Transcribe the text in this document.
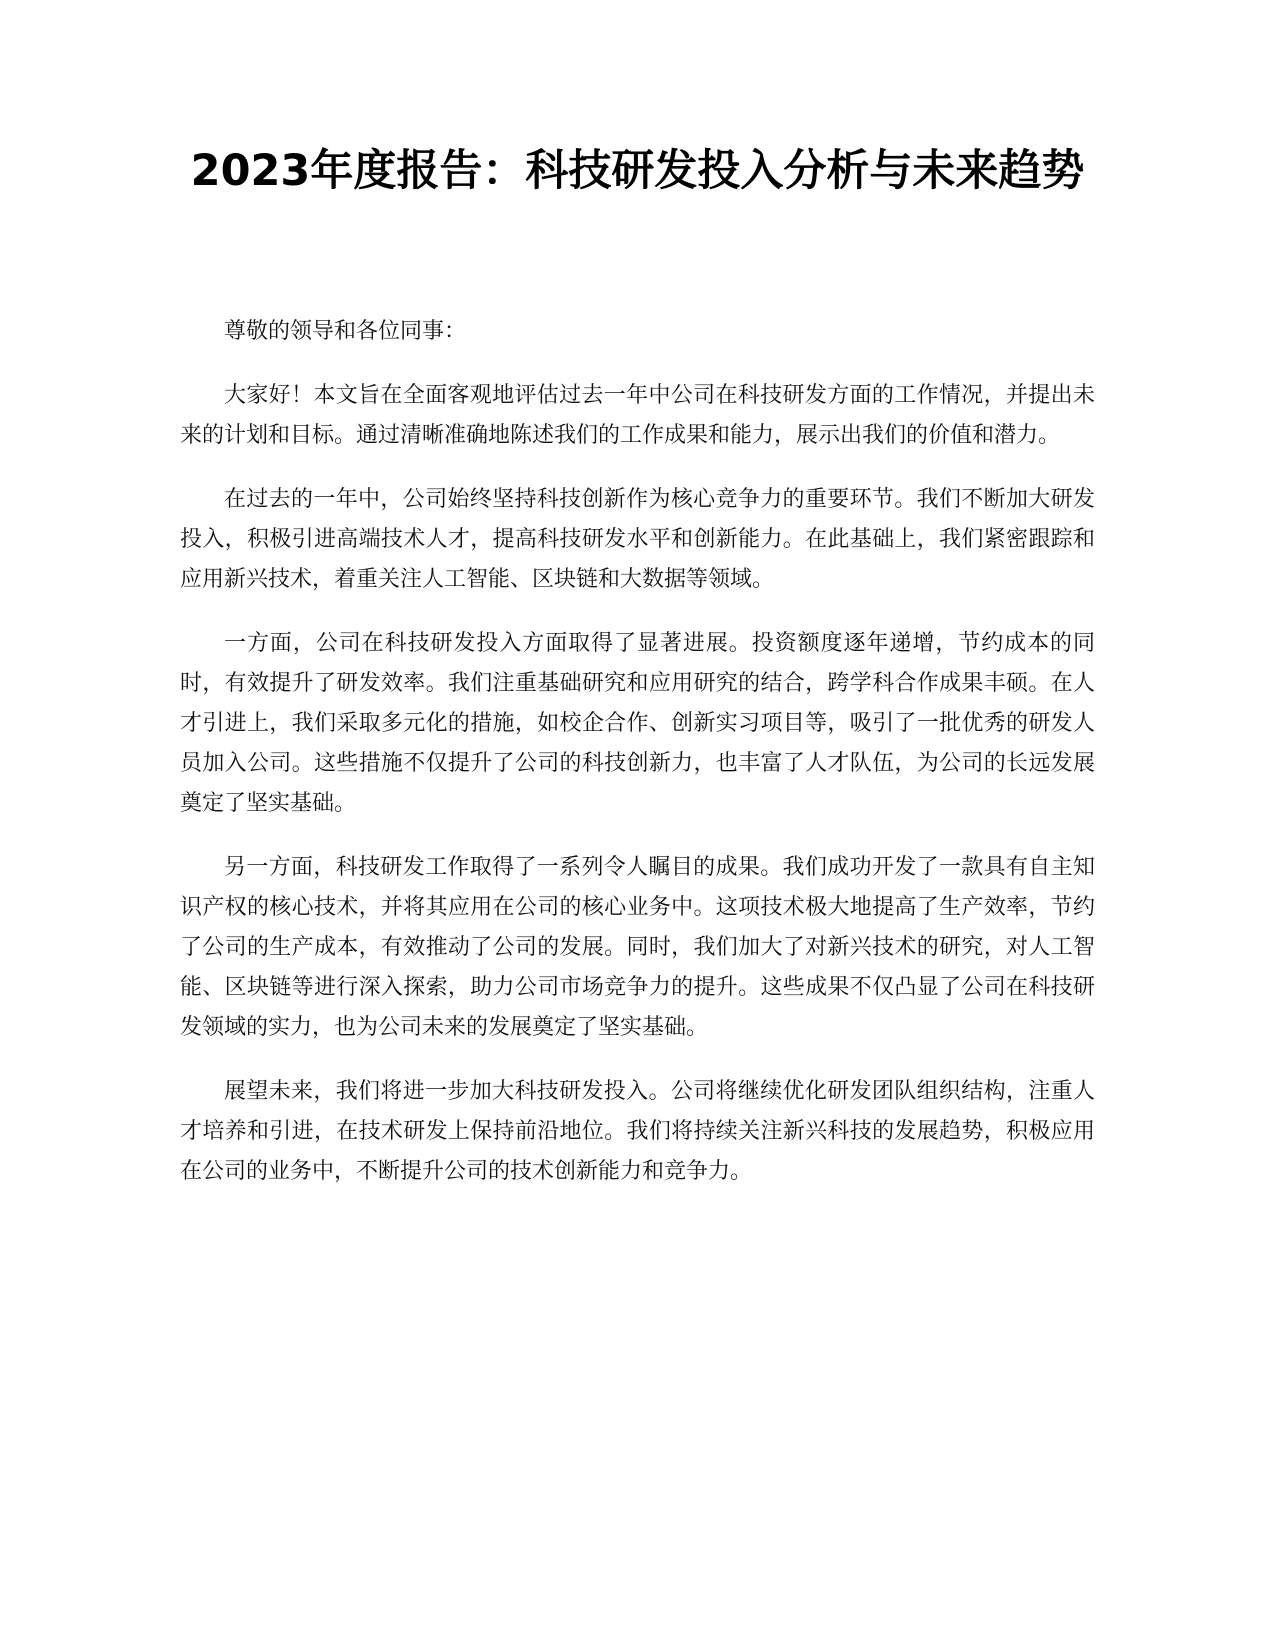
2023年度报告：科技研发投入分析与未来趋势

尊敬的领导和各位同事：

大家好！本文旨在全面客观地评估过去一年中公司在科技研发方面的工作情况，并提出未来的计划和目标。通过清晰准确地陈述我们的工作成果和能力，展示出我们的价值和潜力。

在过去的一年中，公司始终坚持科技创新作为核心竞争力的重要环节。我们不断加大研发投入，积极引进高端技术人才，提高科技研发水平和创新能力。在此基础上，我们紧密跟踪和应用新兴技术，着重关注人工智能、区块链和大数据等领域。

一方面，公司在科技研发投入方面取得了显著进展。投资额度逐年递增，节约成本的同时，有效提升了研发效率。我们注重基础研究和应用研究的结合，跨学科合作成果丰硕。在人才引进上，我们采取多元化的措施，如校企合作、创新实习项目等，吸引了一批优秀的研发人员加入公司。这些措施不仅提升了公司的科技创新力，也丰富了人才队伍，为公司的长远发展奠定了坚实基础。

另一方面，科技研发工作取得了一系列令人瞩目的成果。我们成功开发了一款具有自主知识产权的核心技术，并将其应用在公司的核心业务中。这项技术极大地提高了生产效率，节约了公司的生产成本，有效推动了公司的发展。同时，我们加大了对新兴技术的研究，对人工智能、区块链等进行深入探索，助力公司市场竞争力的提升。这些成果不仅凸显了公司在科技研发领域的实力，也为公司未来的发展奠定了坚实基础。

展望未来，我们将进一步加大科技研发投入。公司将继续优化研发团队组织结构，注重人才培养和引进，在技术研发上保持前沿地位。我们将持续关注新兴科技的发展趋势，积极应用在公司的业务中，不断提升公司的技术创新能力和竞争力。
